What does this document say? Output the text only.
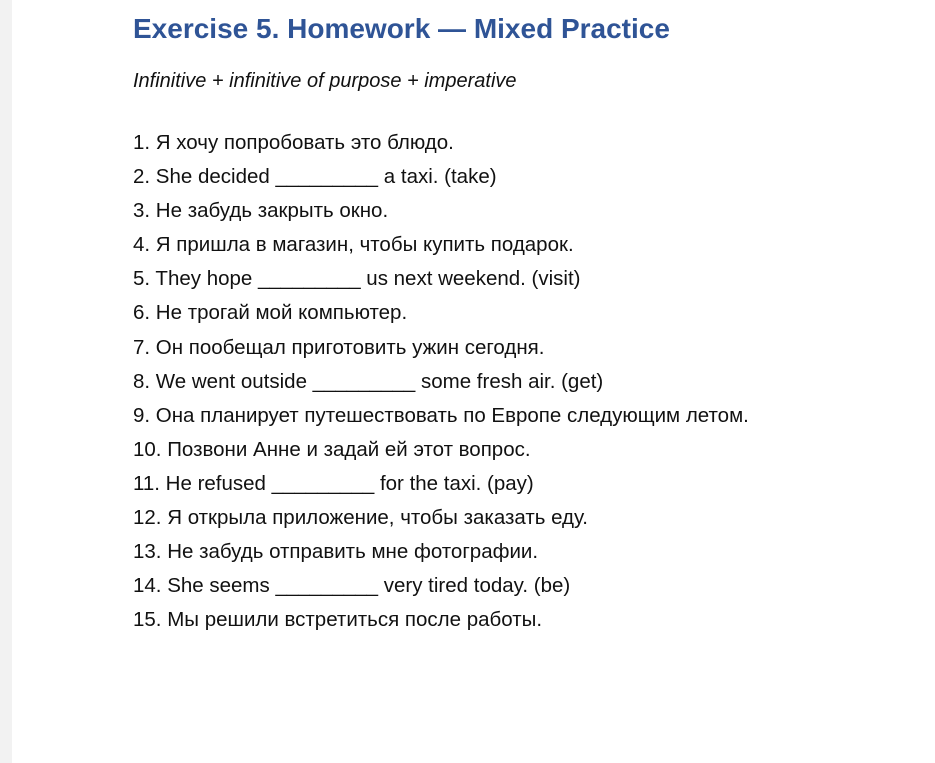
Exercise 5. Homework — Mixed Practice
Infinitive + infinitive of purpose + imperative
1. Я хочу попробовать это блюдо.
2. She decided _________ a taxi. (take)
3. Не забудь закрыть окно.
4. Я пришла в магазин, чтобы купить подарок.
5. They hope _________ us next weekend. (visit)
6. Не трогай мой компьютер.
7. Он пообещал приготовить ужин сегодня.
8. We went outside _________ some fresh air. (get)
9. Она планирует путешествовать по Европе следующим летом.
10. Позвони Анне и задай ей этот вопрос.
11. He refused _________ for the taxi. (pay)
12. Я открыла приложение, чтобы заказать еду.
13. Не забудь отправить мне фотографии.
14. She seems _________ very tired today. (be)
15. Мы решили встретиться после работы.
